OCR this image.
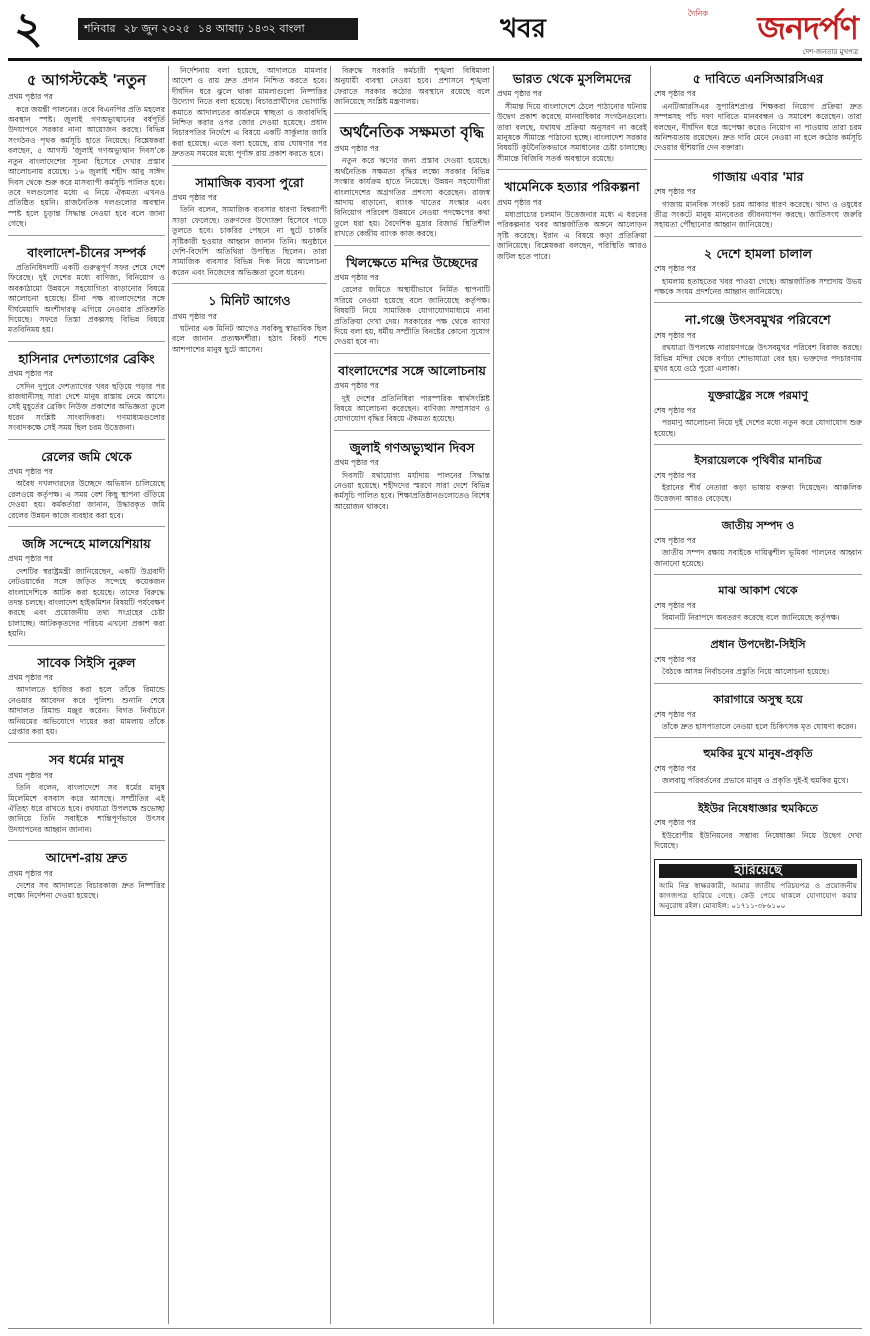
২	শনিবার ২৮ জুন ২০২৫ ১৪ আষাঢ় ১৪৩২ বাংলা	খবর
দৈনিক জনদর্পণ
দেশ-জনতার মুখপত্র
৫ আগস্টকেই 'নতুন
প্রথম পৃষ্ঠার পর

করে জয়ন্তী পালনের। তবে বিএনপির প্রতি মহলের অবস্থান স্পষ্ট। জুলাই গণঅভ্যুত্থানের বর্ষপূর্তি উদযাপনে সরকার নানা আয়োজন করছে। বিভিন্ন সংগঠনও পৃথক কর্মসূচি হাতে নিয়েছে। বিশ্লেষকরা বলছেন, ৫ আগস্ট 'জুলাই গণঅভ্যুত্থান দিবস'কে নতুন বাংলাদেশের সূচনা হিসেবে দেখার প্রস্তাব আলোচনায় রয়েছে। ১৬ জুলাই শহীদ আবু সাঈদ দিবস থেকে শুরু করে মাসব্যাপী কর্মসূচি পালিত হবে। তবে দলগুলোর মধ্যে এ নিয়ে ঐকমত্য এখনও প্রতিষ্ঠিত হয়নি। রাজনৈতিক দলগুলোর অবস্থান স্পষ্ট হলে চূড়ান্ত সিদ্ধান্ত নেওয়া হবে বলে জানা গেছে।

বাংলাদেশ-চীনের সম্পর্ক

প্রতিনিধিদলটি একটি গুরুত্বপূর্ণ সফর শেষে দেশে ফিরেছে। দুই দেশের মধ্যে বাণিজ্য, বিনিয়োগ ও অবকাঠামো উন্নয়নে সহযোগিতা বাড়ানোর বিষয়ে আলোচনা হয়েছে। চীনা পক্ষ বাংলাদেশের সঙ্গে দীর্ঘমেয়াদি অংশীদারত্ব এগিয়ে নেওয়ার প্রতিশ্রুতি দিয়েছে। সফরে তিস্তা প্রকল্পসহ বিভিন্ন বিষয়ে মতবিনিময় হয়।

হাসিনার দেশত্যাগের ব্রেকিং
প্রথম পৃষ্ঠার পর

সেদিন দুপুরে দেশত্যাগের খবর ছড়িয়ে পড়ার পর রাজধানীসহ সারা দেশে মানুষ রাস্তায় নেমে আসে। সেই মুহূর্তের ব্রেকিং নিউজ প্রকাশের অভিজ্ঞতা তুলে ধরেন সংশ্লিষ্ট সাংবাদিকরা। গণমাধ্যমগুলোর সংবাদকক্ষে সেই সময় ছিল চরম উত্তেজনা।

রেলের জমি থেকে
প্রথম পৃষ্ঠার পর

অবৈধ দখলদারদের উচ্ছেদে অভিযান চালিয়েছে রেলওয়ে কর্তৃপক্ষ। এ সময় বেশ কিছু স্থাপনা গুঁড়িয়ে দেওয়া হয়। কর্মকর্তারা জানান, উদ্ধারকৃত জমি রেলের উন্নয়ন কাজে ব্যবহার করা হবে।

জঙ্গি সন্দেহে মালয়েশিয়ায়
প্রথম পৃষ্ঠার পর

দেশটির স্বরাষ্ট্রমন্ত্রী জানিয়েছেন, একটি উগ্রবাদী নেটওয়ার্কের সঙ্গে জড়িত সন্দেহে কয়েকজন বাংলাদেশিকে আটক করা হয়েছে। তাদের বিরুদ্ধে তদন্ত চলছে। বাংলাদেশ হাইকমিশন বিষয়টি পর্যবেক্ষণ করছে এবং প্রয়োজনীয় তথ্য সংগ্রহের চেষ্টা চালাচ্ছে। আটককৃতদের পরিচয় এখনো প্রকাশ করা হয়নি।

সাবেক সিইসি নুরুল
প্রথম পৃষ্ঠার পর

আদালতে হাজির করা হলে তাঁকে রিমান্ডে নেওয়ার আবেদন করে পুলিশ। শুনানি শেষে আদালত রিমান্ড মঞ্জুর করেন। বিগত নির্বাচনে অনিয়মের অভিযোগে দায়ের করা মামলায় তাঁকে গ্রেপ্তার করা হয়।

সব ধর্মের মানুষ
প্রথম পৃষ্ঠার পর

তিনি বলেন, বাংলাদেশে সব ধর্মের মানুষ মিলেমিশে বসবাস করে আসছে। সম্প্রীতির এই ঐতিহ্য ধরে রাখতে হবে। রথযাত্রা উপলক্ষে শুভেচ্ছা জানিয়ে তিনি সবাইকে শান্তিপূর্ণভাবে উৎসব উদযাপনের আহ্বান জানান।

আদেশ-রায় দ্রুত
প্রথম পৃষ্ঠার পর

দেশের সব আদালতে বিচারকাজ দ্রুত নিষ্পত্তির লক্ষ্যে নির্দেশনা দেওয়া হয়েছে।

নির্দেশনায় বলা হয়েছে, আদালতে মামলার আদেশ ও রায় দ্রুত প্রদান নিশ্চিত করতে হবে। দীর্ঘদিন ধরে ঝুলে থাকা মামলাগুলো নিষ্পত্তির উদ্যোগ নিতে বলা হয়েছে। বিচারপ্রার্থীদের ভোগান্তি কমাতে আদালতের কার্যক্রমে স্বচ্ছতা ও জবাবদিহি নিশ্চিত করার ওপর জোর দেওয়া হয়েছে। প্রধান বিচারপতির নির্দেশে এ বিষয়ে একটি সার্কুলার জারি করা হয়েছে। এতে বলা হয়েছে, রায় ঘোষণার পর দ্রুততম সময়ের মধ্যে পূর্ণাঙ্গ রায় প্রকাশ করতে হবে।

সামাজিক ব্যবসা পুরো
প্রথম পৃষ্ঠার পর

তিনি বলেন, সামাজিক ব্যবসার ধারণা বিশ্বব্যাপী সাড়া ফেলেছে। তরুণদের উদ্যোক্তা হিসেবে গড়ে তুলতে হবে। চাকরির পেছনে না ছুটে চাকরি সৃষ্টিকারী হওয়ার আহ্বান জানান তিনি। অনুষ্ঠানে দেশি-বিদেশি অতিথিরা উপস্থিত ছিলেন। তারা সামাজিক ব্যবসার বিভিন্ন দিক নিয়ে আলোচনা করেন এবং নিজেদের অভিজ্ঞতা তুলে ধরেন।

১ মিনিট আগেও
প্রথম পৃষ্ঠার পর

ঘটনার এক মিনিট আগেও সবকিছু স্বাভাবিক ছিল বলে জানান প্রত্যক্ষদর্শীরা। হঠাৎ বিকট শব্দে আশপাশের মানুষ ছুটে আসেন।

বিরুদ্ধে সরকারি কর্মচারী শৃঙ্খলা বিধিমালা অনুযায়ী ব্যবস্থা নেওয়া হবে। প্রশাসনে শৃঙ্খলা ফেরাতে সরকার কঠোর অবস্থানে রয়েছে বলে জানিয়েছে সংশ্লিষ্ট মন্ত্রণালয়।

অর্থনৈতিক সক্ষমতা বৃদ্ধি
প্রথম পৃষ্ঠার পর

নতুন করে ঋণের জন্য প্রস্তাব দেওয়া হয়েছে। অর্থনৈতিক সক্ষমতা বৃদ্ধির লক্ষ্যে সরকার বিভিন্ন সংস্কার কার্যক্রম হাতে নিয়েছে। উন্নয়ন সহযোগীরা বাংলাদেশের অগ্রগতির প্রশংসা করেছেন। রাজস্ব আদায় বাড়ানো, ব্যাংক খাতের সংস্কার এবং বিনিয়োগ পরিবেশ উন্নয়নে নেওয়া পদক্ষেপের কথা তুলে ধরা হয়। বৈদেশিক মুদ্রার রিজার্ভ স্থিতিশীল রাখতে কেন্দ্রীয় ব্যাংক কাজ করছে।

খিলক্ষেতে মন্দির উচ্ছেদের
প্রথম পৃষ্ঠার পর

রেলের জমিতে অস্থায়ীভাবে নির্মিত স্থাপনাটি সরিয়ে নেওয়া হয়েছে বলে জানিয়েছে কর্তৃপক্ষ। বিষয়টি নিয়ে সামাজিক যোগাযোগমাধ্যমে নানা প্রতিক্রিয়া দেখা দেয়। সরকারের পক্ষ থেকে ব্যাখ্যা দিয়ে বলা হয়, ধর্মীয় সম্প্রীতি বিনষ্টের কোনো সুযোগ দেওয়া হবে না।

বাংলাদেশের সঙ্গে আলোচনায়
প্রথম পৃষ্ঠার পর

দুই দেশের প্রতিনিধিরা পারস্পরিক স্বার্থসংশ্লিষ্ট বিষয়ে আলোচনা করেছেন। বাণিজ্য সম্প্রসারণ ও যোগাযোগ বৃদ্ধির বিষয়ে ঐকমত্য হয়েছে।

জুলাই গণঅভ্যুত্থান দিবস
প্রথম পৃষ্ঠার পর

দিবসটি যথাযোগ্য মর্যাদায় পালনের সিদ্ধান্ত নেওয়া হয়েছে। শহীদদের স্মরণে সারা দেশে বিভিন্ন কর্মসূচি পালিত হবে। শিক্ষাপ্রতিষ্ঠানগুলোতেও বিশেষ আয়োজন থাকবে।

ভারত থেকে মুসলিমদের
প্রথম পৃষ্ঠার পর

সীমান্ত দিয়ে বাংলাদেশে ঠেলে পাঠানোর ঘটনায় উদ্বেগ প্রকাশ করেছে মানবাধিকার সংগঠনগুলো। তারা বলছে, যথাযথ প্রক্রিয়া অনুসরণ না করেই মানুষকে সীমান্তে পাঠানো হচ্ছে। বাংলাদেশ সরকার বিষয়টি কূটনৈতিকভাবে সমাধানের চেষ্টা চালাচ্ছে। সীমান্তে বিজিবি সতর্ক অবস্থানে রয়েছে।

খামেনিকে হত্যার পরিকল্পনা
প্রথম পৃষ্ঠার পর

মধ্যপ্রাচ্যের চলমান উত্তেজনার মধ্যে এ ধরনের পরিকল্পনার খবর আন্তর্জাতিক অঙ্গনে আলোড়ন সৃষ্টি করেছে। ইরান এ বিষয়ে কড়া প্রতিক্রিয়া জানিয়েছে। বিশ্লেষকরা বলছেন, পরিস্থিতি আরও জটিল হতে পারে।

৫ দাবিতে এনসিআরসিএর
শেষ পৃষ্ঠার পর

এনটিআরসিএর সুপারিশপ্রাপ্ত শিক্ষকরা নিয়োগ প্রক্রিয়া দ্রুত সম্পন্নসহ পাঁচ দফা দাবিতে মানববন্ধন ও সমাবেশ করেছেন। তারা বলছেন, দীর্ঘদিন ধরে অপেক্ষা করেও নিয়োগ না পাওয়ায় তারা চরম অনিশ্চয়তায় রয়েছেন। দ্রুত দাবি মেনে নেওয়া না হলে কঠোর কর্মসূচি দেওয়ার হুঁশিয়ারি দেন বক্তারা।

গাজায় এবার 'মার
শেষ পৃষ্ঠার পর

গাজায় মানবিক সংকট চরম আকার ধারণ করেছে। খাদ্য ও ওষুধের তীব্র সংকটে মানুষ মানবেতর জীবনযাপন করছে। জাতিসংঘ জরুরি সহায়তা পৌঁছানোর আহ্বান জানিয়েছে।

২ দেশে হামলা চালাল
শেষ পৃষ্ঠার পর

হামলায় হতাহতের খবর পাওয়া গেছে। আন্তর্জাতিক সম্প্রদায় উভয় পক্ষকে সংযম প্রদর্শনের আহ্বান জানিয়েছে।

না.গঞ্জে উৎসবমুখর পরিবেশে
শেষ পৃষ্ঠার পর

রথযাত্রা উপলক্ষে নারায়ণগঞ্জে উৎসবমুখর পরিবেশ বিরাজ করছে। বিভিন্ন মন্দির থেকে বর্ণাঢ্য শোভাযাত্রা বের হয়। ভক্তদের পদচারণায় মুখর হয়ে ওঠে পুরো এলাকা।

যুক্তরাষ্ট্রের সঙ্গে পরমাণু
শেষ পৃষ্ঠার পর

পরমাণু আলোচনা নিয়ে দুই দেশের মধ্যে নতুন করে যোগাযোগ শুরু হয়েছে।

ইসরায়েলকে পৃথিবীর মানচিত্র
শেষ পৃষ্ঠার পর

ইরানের শীর্ষ নেতারা কড়া ভাষায় বক্তব্য দিয়েছেন। আঞ্চলিক উত্তেজনা আরও বেড়েছে।

জাতীয় সম্পদ ও
শেষ পৃষ্ঠার পর

জাতীয় সম্পদ রক্ষায় সবাইকে দায়িত্বশীল ভূমিকা পালনের আহ্বান জানানো হয়েছে।

মাঝ আকাশ থেকে
শেষ পৃষ্ঠার পর

বিমানটি নিরাপদে অবতরণ করেছে বলে জানিয়েছে কর্তৃপক্ষ।

প্রধান উপদেষ্টা-সিইসি
শেষ পৃষ্ঠার পর

বৈঠকে আসন্ন নির্বাচনের প্রস্তুতি নিয়ে আলোচনা হয়েছে।

কারাগারে অসুস্থ হয়ে
শেষ পৃষ্ঠার পর

তাঁকে দ্রুত হাসপাতালে নেওয়া হলে চিকিৎসক মৃত ঘোষণা করেন।

হুমকির মুখে মানুষ-প্রকৃতি
শেষ পৃষ্ঠার পর

জলবায়ু পরিবর্তনের প্রভাবে মানুষ ও প্রকৃতি দুই-ই হুমকির মুখে।

ইইউর নিষেধাজ্ঞার হুমকিতে
শেষ পৃষ্ঠার পর

ইউরোপীয় ইউনিয়নের সম্ভাব্য নিষেধাজ্ঞা নিয়ে উদ্বেগ দেখা দিয়েছে।

হারিয়েছে

আমি নিম্ন স্বাক্ষরকারী, আমার জাতীয় পরিচয়পত্র ও প্রয়োজনীয় কাগজপত্র হারিয়ে গেছে। কেউ পেয়ে থাকলে যোগাযোগ করার অনুরোধ রইল। মোবাইল: ০১৭১১-৩৮৬১০০
